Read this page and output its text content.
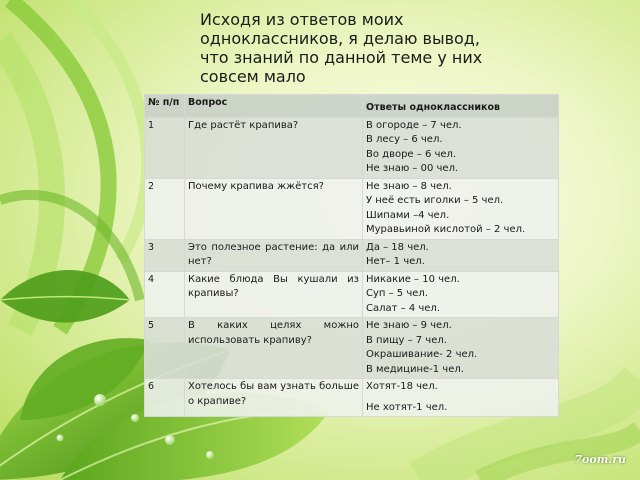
Исходя из ответов моих одноклассников, я делаю вывод, что знаний по данной теме у них совсем мало
№ п/п	Вопрос	Ответы одноклассников
1	Где растёт крапива?	В огороде – 7 чел.
В лесу – 6 чел.
Во дворе – 6 чел.
Не знаю – 00 чел.

2	Почему крапива жжётся?	Не знаю – 8 чел.
У неё есть иголки – 5 чел.
Шипами –4 чел.
Муравьиной кислотой – 2 чел.

3	Это полезное растение: да или нет?	Да – 18 чел.
Нет– 1 чел.

4	Какие блюда Вы кушали из крапивы?	Никакие – 10 чел.
Суп – 5 чел.
Салат – 4 чел.

5	В каких целях можно использовать крапиву?	Не знаю – 9 чел.
В пищу – 7 чел.
Окрашивание- 2 чел.
В медицине-1 чел.

6	Хотелось бы вам узнать больше о крапиве?	Хотят-18 чел.
Не хотят-1 чел.
7oom.ru
